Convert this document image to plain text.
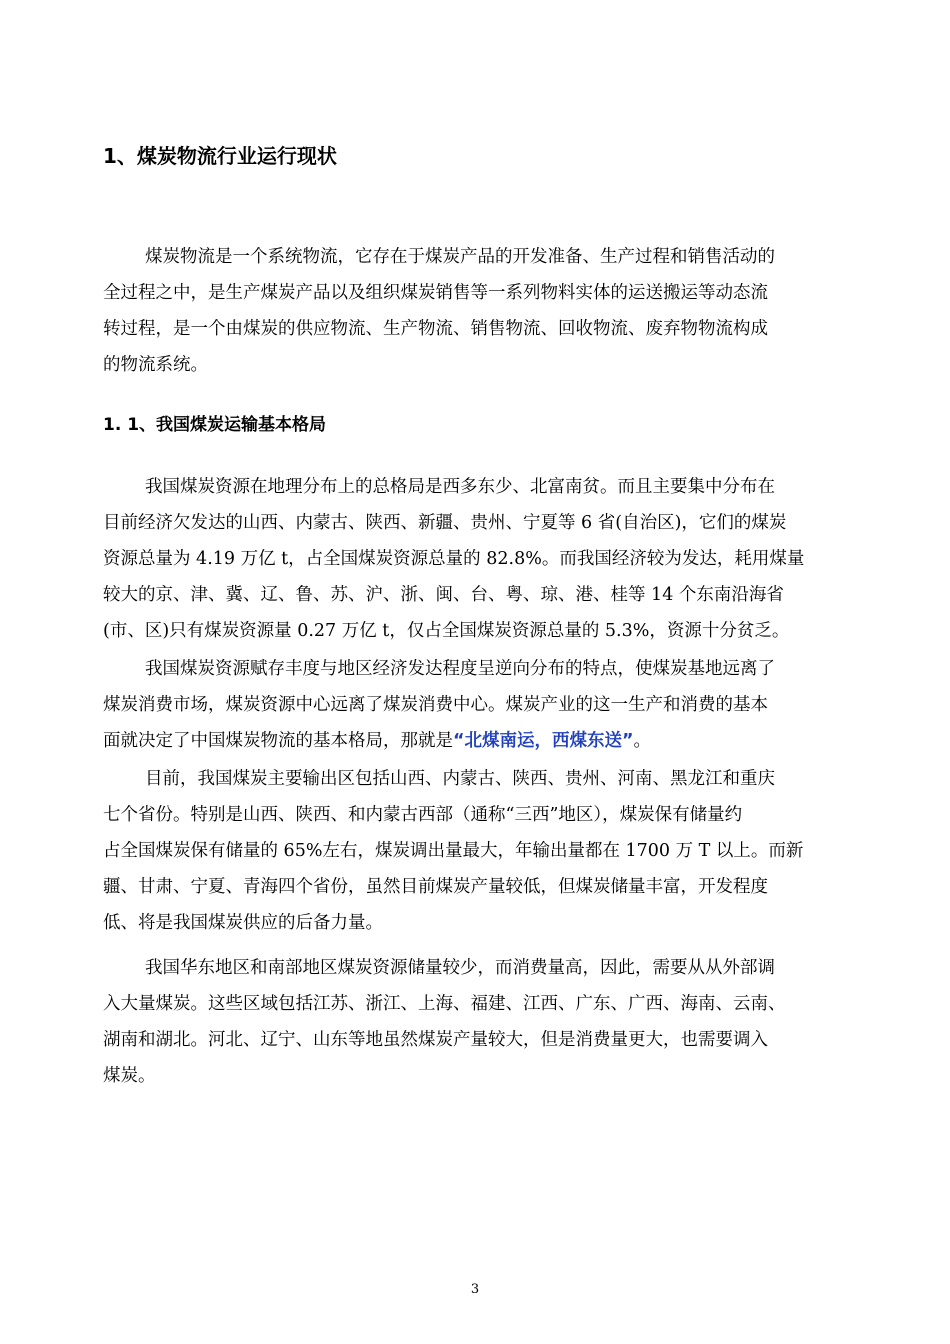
1、煤炭物流行业运行现状
煤炭物流是一个系统物流，它存在于煤炭产品的开发准备、生产过程和销售活动的
全过程之中，是生产煤炭产品以及组织煤炭销售等一系列物料实体的运送搬运等动态流
转过程，是一个由煤炭的供应物流、生产物流、销售物流、回收物流、废弃物物流构成
的物流系统。
1. 1、我国煤炭运输基本格局
我国煤炭资源在地理分布上的总格局是西多东少、北富南贫。而且主要集中分布在
目前经济欠发达的山西、内蒙古、陕西、新疆、贵州、宁夏等 6 省(自治区)，它们的煤炭
资源总量为 4.19 万亿 t，占全国煤炭资源总量的 82.8%。而我国经济较为发达，耗用煤量
较大的京、津、冀、辽、鲁、苏、沪、浙、闽、台、粤、琼、港、桂等 14 个东南沿海省
(市、区)只有煤炭资源量 0.27 万亿 t，仅占全国煤炭资源总量的 5.3%，资源十分贫乏。
我国煤炭资源赋存丰度与地区经济发达程度呈逆向分布的特点，使煤炭基地远离了
煤炭消费市场，煤炭资源中心远离了煤炭消费中心。煤炭产业的这一生产和消费的基本
面就决定了中国煤炭物流的基本格局，那就是“北煤南运，西煤东送”。
目前，我国煤炭主要输出区包括山西、内蒙古、陕西、贵州、河南、黑龙江和重庆
七个省份。特别是山西、陕西、和内蒙古西部（通称“三西”地区），煤炭保有储量约
占全国煤炭保有储量的 65%左右，煤炭调出量最大，年输出量都在 1700 万 T 以上。而新
疆、甘肃、宁夏、青海四个省份，虽然目前煤炭产量较低，但煤炭储量丰富，开发程度
低、将是我国煤炭供应的后备力量。
我国华东地区和南部地区煤炭资源储量较少，而消费量高，因此，需要从从外部调
入大量煤炭。这些区域包括江苏、浙江、上海、福建、江西、广东、广西、海南、云南、
湖南和湖北。河北、辽宁、山东等地虽然煤炭产量较大，但是消费量更大，也需要调入
煤炭。
3
